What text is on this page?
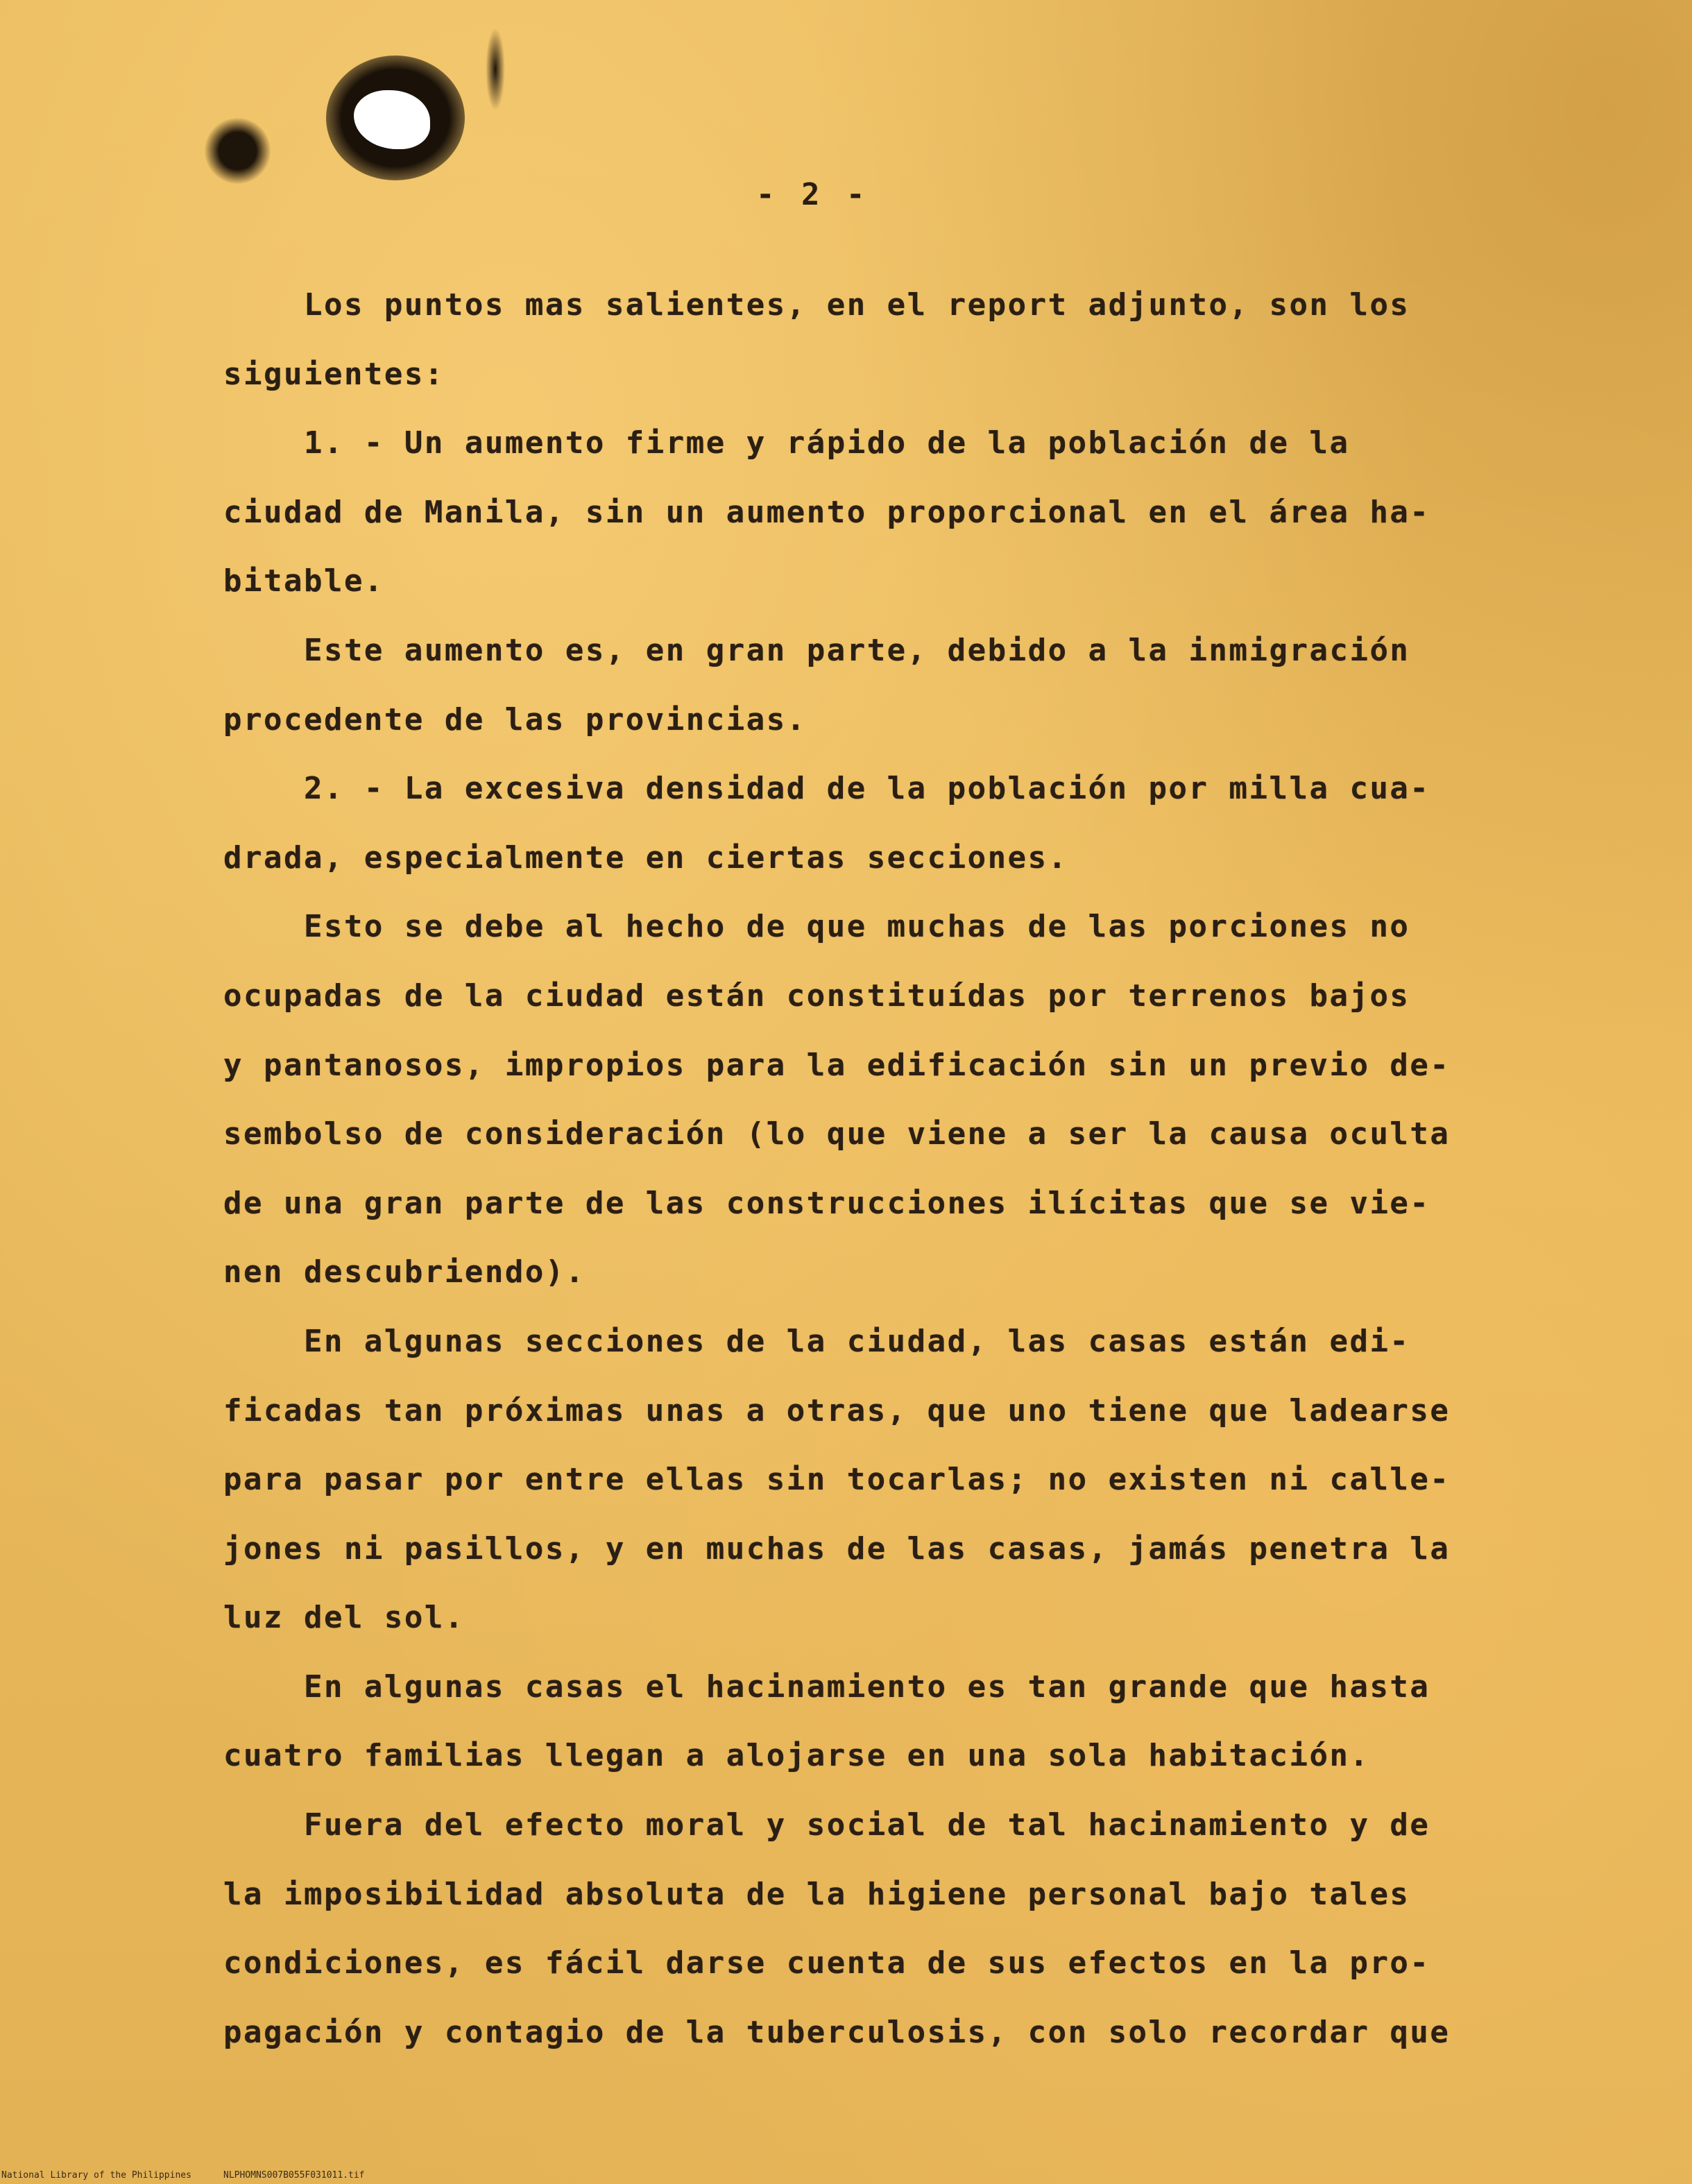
- 2 -
Los puntos mas salientes, en el report adjunto, son los
siguientes:
1. - Un aumento firme y rápido de la población de la
ciudad de Manila, sin un aumento proporcional en el área ha-
bitable.
Este aumento es, en gran parte, debido a la inmigración
procedente de las provincias.
2. - La excesiva densidad de la población por milla cua-
drada, especialmente en ciertas secciones.
Esto se debe al hecho de que muchas de las porciones no
ocupadas de la ciudad están constituídas por terrenos bajos
y pantanosos, impropios para la edificación sin un previo de-
sembolso de consideración (lo que viene a ser la causa oculta
de una gran parte de las construcciones ilícitas que se vie-
nen descubriendo).
En algunas secciones de la ciudad, las casas están edi-
ficadas tan próximas unas a otras, que uno tiene que ladearse
para pasar por entre ellas sin tocarlas; no existen ni calle-
jones ni pasillos, y en muchas de las casas, jamás penetra la
luz del sol.
En algunas casas el hacinamiento es tan grande que hasta
cuatro familias llegan a alojarse en una sola habitación.
Fuera del efecto moral y social de tal hacinamiento y de
la imposibilidad absoluta de la higiene personal bajo tales
condiciones, es fácil darse cuenta de sus efectos en la pro-
pagación y contagio de la tuberculosis, con solo recordar que
National Library of the Philippines	NLPHOMNS007B055F031011.tif
